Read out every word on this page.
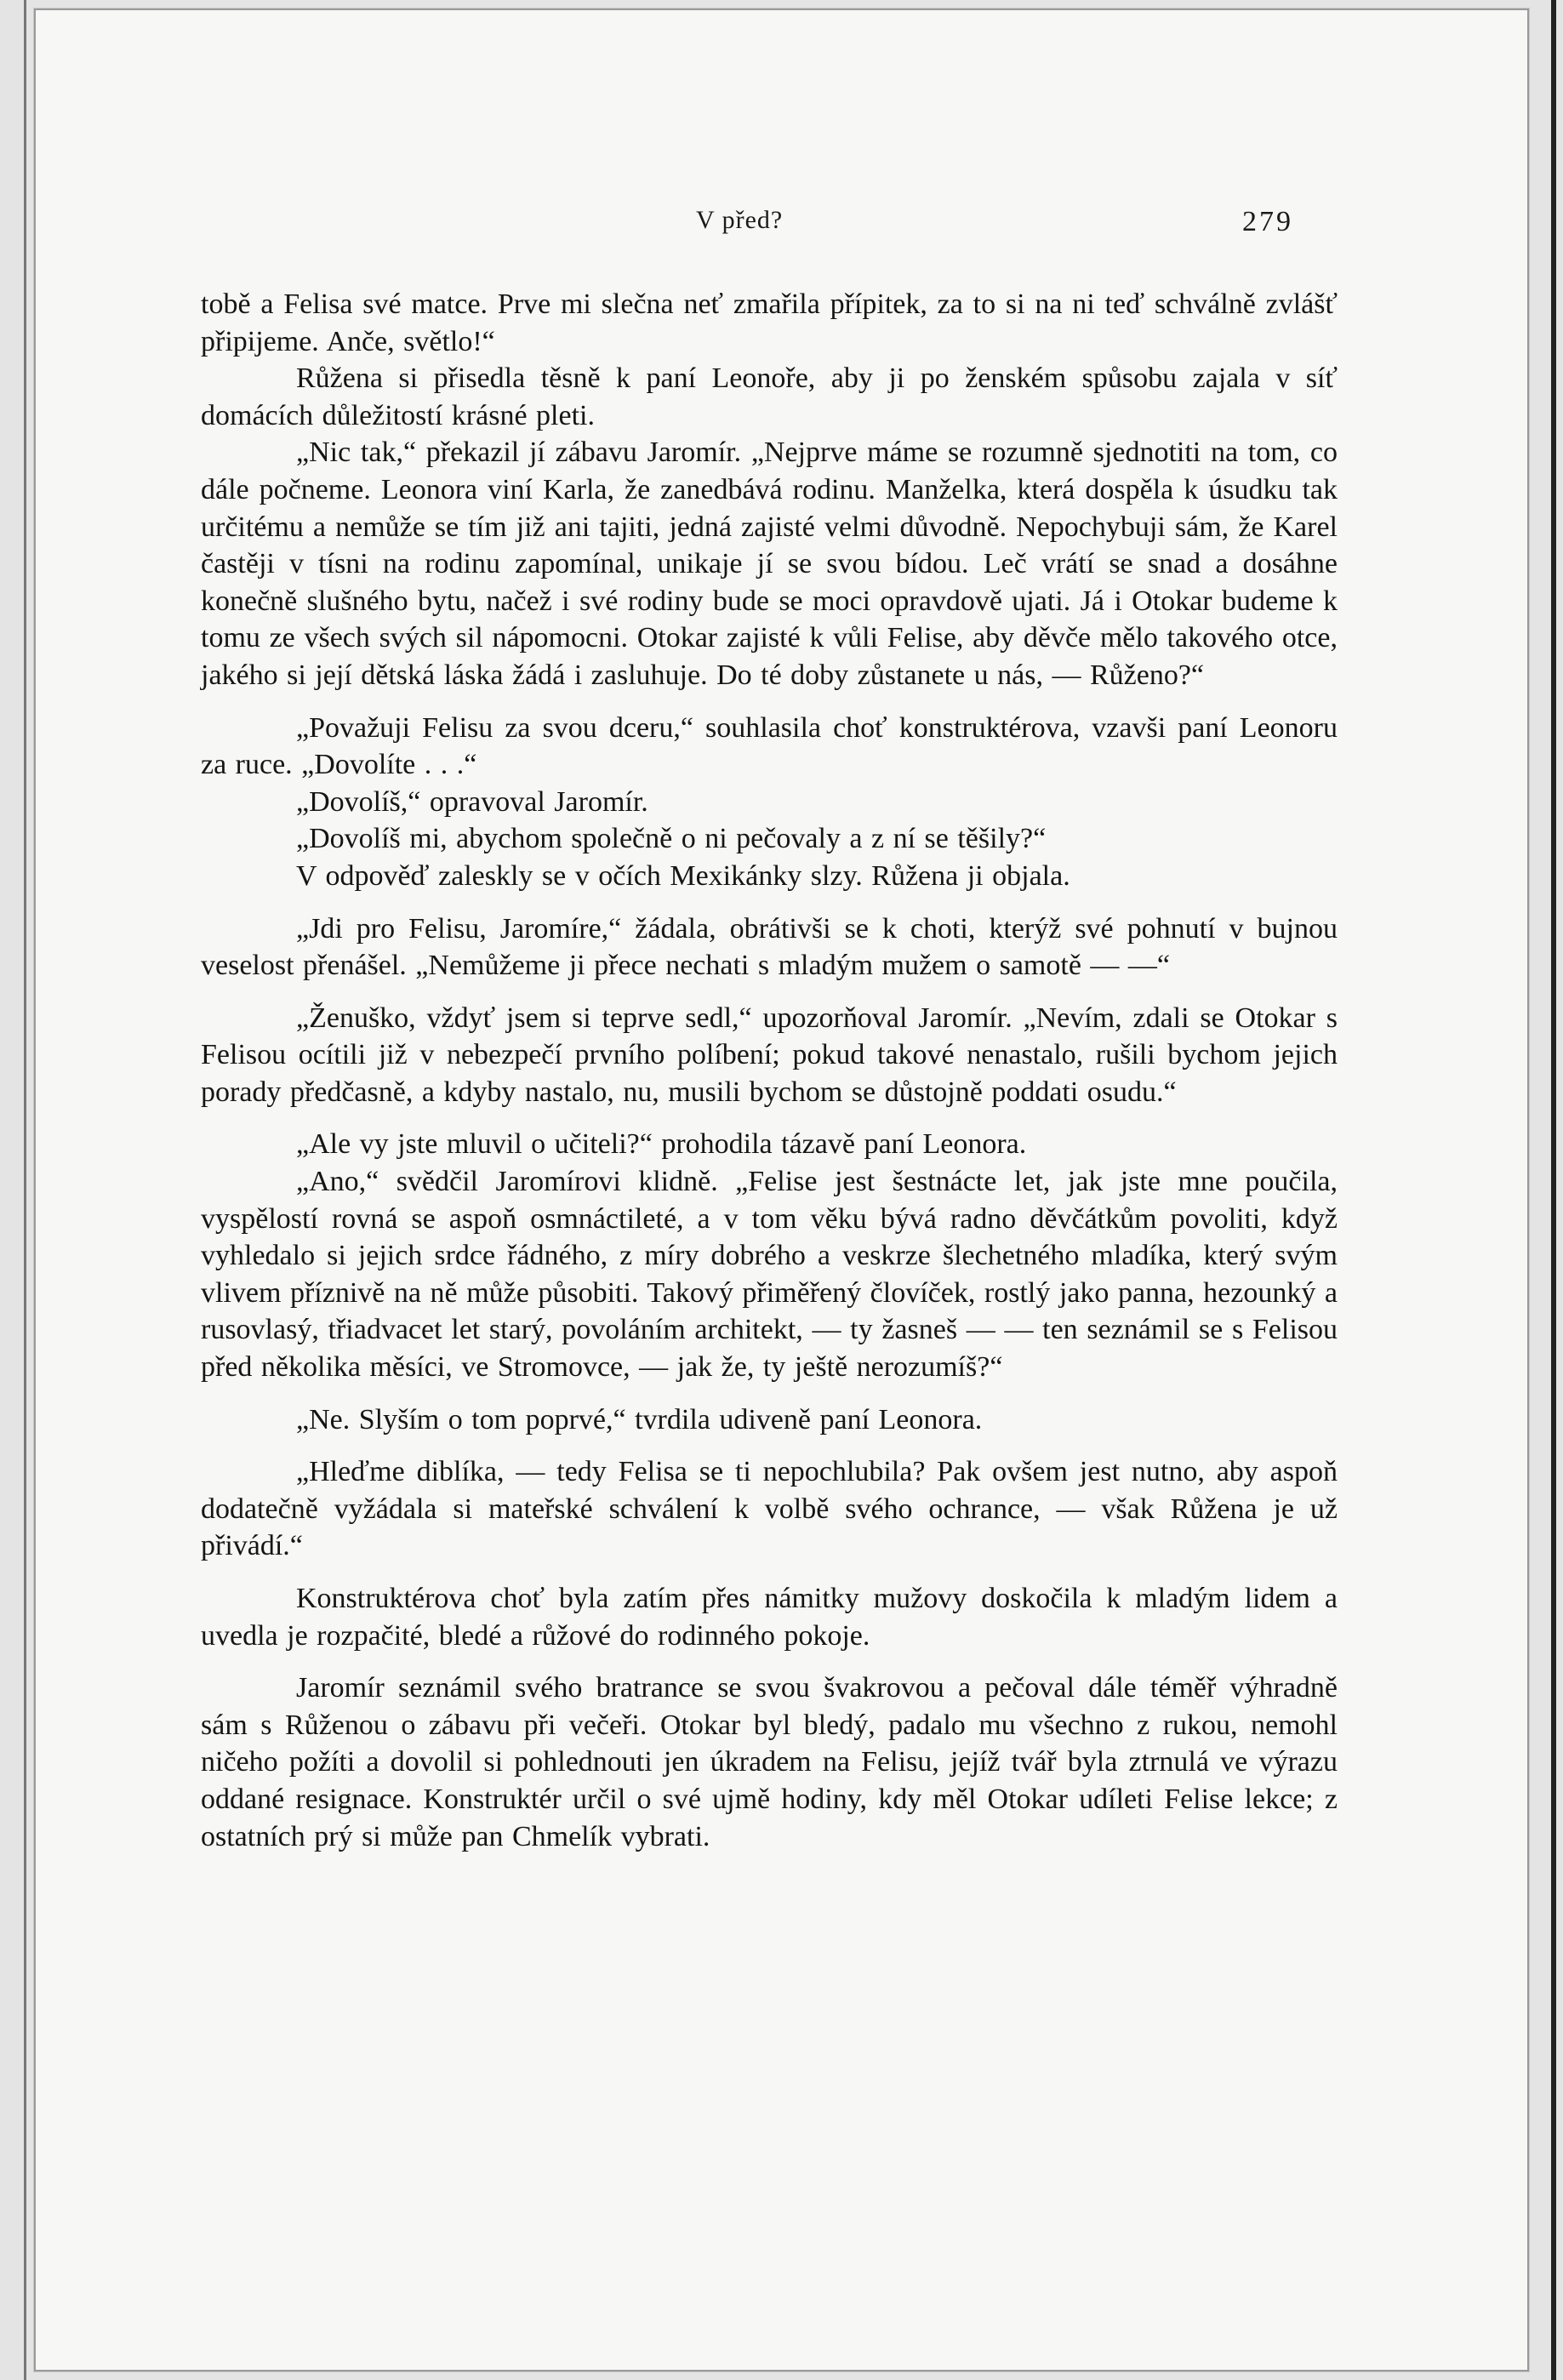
V před?	279

tobě a Felisa své matce. Prve mi slečna neť zmařila přípitek, za to si na ni teď schválně zvlášť připijeme. Anče, světlo!“

Růžena si přisedla těsně k paní Leonoře, aby ji po ženském spůsobu zajala v síť domácích důležitostí krásné pleti.

„Nic tak,“ překazil jí zábavu Jaromír. „Nejprve máme se rozumně sjednotiti na tom, co dále počneme. Leonora viní Karla, že zanedbává rodinu. Manželka, která dospěla k úsudku tak určitému a nemůže se tím již ani tajiti, jedná zajisté velmi důvodně. Nepochybuji sám, že Karel častěji v tísni na rodinu zapomínal, unikaje jí se svou bídou. Leč vrátí se snad a dosáhne konečně slušného bytu, načež i své rodiny bude se moci opravdově ujati. Já i Otokar budeme k tomu ze všech svých sil nápomocni. Otokar zajisté k vůli Felise, aby děvče mělo takového otce, jakého si její dětská láska žádá i zasluhuje. Do té doby zůstanete u nás, — Růženo?“

„Považuji Felisu za svou dceru,“ souhlasila choť konstruktérova, vzavši paní Leonoru za ruce. „Dovolíte . . .“

„Dovolíš,“ opravoval Jaromír.

„Dovolíš mi, abychom společně o ni pečovaly a z ní se těšily?“

V odpověď zaleskly se v očích Mexikánky slzy. Růžena ji objala.

„Jdi pro Felisu, Jaromíre,“ žádala, obrátivši se k choti, kterýž své pohnutí v bujnou veselost přenášel. „Nemůžeme ji přece nechati s mladým mužem o samotě — —“

„Ženuško, vždyť jsem si teprve sedl,“ upozorňoval Jaromír. „Nevím, zdali se Otokar s Felisou ocítili již v nebezpečí prvního políbení; pokud takové nenastalo, rušili bychom jejich porady předčasně, a kdyby nastalo, nu, musili bychom se důstojně poddati osudu.“

„Ale vy jste mluvil o učiteli?“ prohodila tázavě paní Leonora.

„Ano,“ svědčil Jaromírovi klidně. „Felise jest šestnácte let, jak jste mne poučila, vyspělostí rovná se aspoň osmnáctileté, a v tom věku bývá radno děvčátkům povoliti, když vyhledalo si jejich srdce řádného, z míry dobrého a veskrze šlechetného mladíka, který svým vlivem příznivě na ně může působiti. Takový přiměřený človíček, rostlý jako panna, hezounký a rusovlasý, třiadvacet let starý, povoláním architekt, — ty žasneš — — ten seznámil se s Felisou před několika měsíci, ve Stromovce, — jak že, ty ještě nerozumíš?“

„Ne. Slyším o tom poprvé,“ tvrdila udiveně paní Leonora.

„Hleďme diblíka, — tedy Felisa se ti nepochlubila? Pak ovšem jest nutno, aby aspoň dodatečně vyžádala si mateřské schválení k volbě svého ochrance, — však Růžena je už přivádí.“

Konstruktérova choť byla zatím přes námitky mužovy doskočila k mladým lidem a uvedla je rozpačité, bledé a růžové do rodinného pokoje.

Jaromír seznámil svého bratrance se svou švakrovou a pečoval dále téměř výhradně sám s Růženou o zábavu při večeři. Otokar byl bledý, padalo mu všechno z rukou, nemohl ničeho požíti a dovolil si pohlednouti jen úkradem na Felisu, jejíž tvář byla ztrnulá ve výrazu oddané resignace. Konstruktér určil o své ujmě hodiny, kdy měl Otokar udíleti Felise lekce; z ostatních prý si může pan Chmelík vybrati.
